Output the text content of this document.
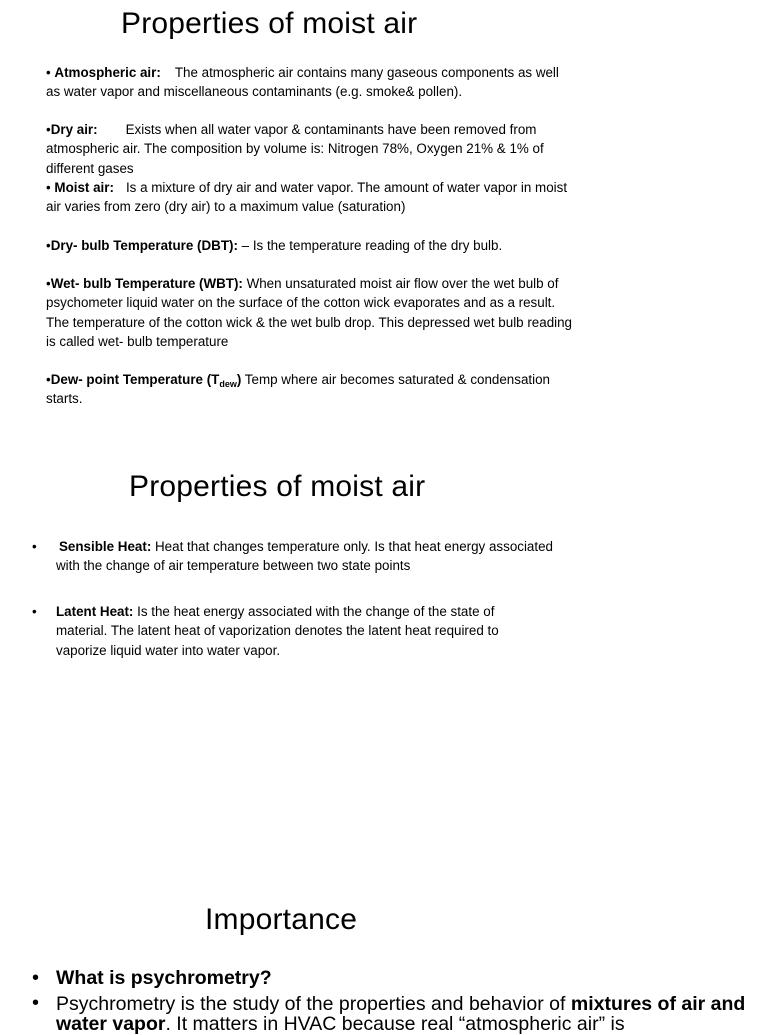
Properties of moist air
• Atmospheric air: The atmospheric air contains many gaseous components as well as water vapor and miscellaneous contaminants (e.g. smoke& pollen).
•Dry air: Exists when all water vapor & contaminants have been removed from atmospheric air. The composition by volume is: Nitrogen 78%, Oxygen 21% & 1% of different gases
• Moist air: Is a mixture of dry air and water vapor. The amount of water vapor in moist air varies from zero (dry air) to a maximum value (saturation)
•Dry- bulb Temperature (DBT): – Is the temperature reading of the dry bulb.
•Wet- bulb Temperature (WBT): When unsaturated moist air flow over the wet bulb of psychometer liquid water on the surface of the cotton wick evaporates and as a result. The temperature of the cotton wick & the wet bulb drop. This depressed wet bulb reading is called wet- bulb temperature
•Dew- point Temperature $(T_{dew})$ Temp where air becomes saturated & condensation starts.
Properties of moist air
• Sensible Heat: Heat that changes temperature only. Is that heat energy associated with the change of air temperature between two state points
• Latent Heat: Is the heat energy associated with the change of the state of material. The latent heat of vaporization denotes the latent heat required to vaporize liquid water into water vapor.
Importance
• What is psychrometry?
• Psychrometry is the study of the properties and behavior of mixtures of air and water vapor. It matters in HVAC because real “atmospheric air” is
